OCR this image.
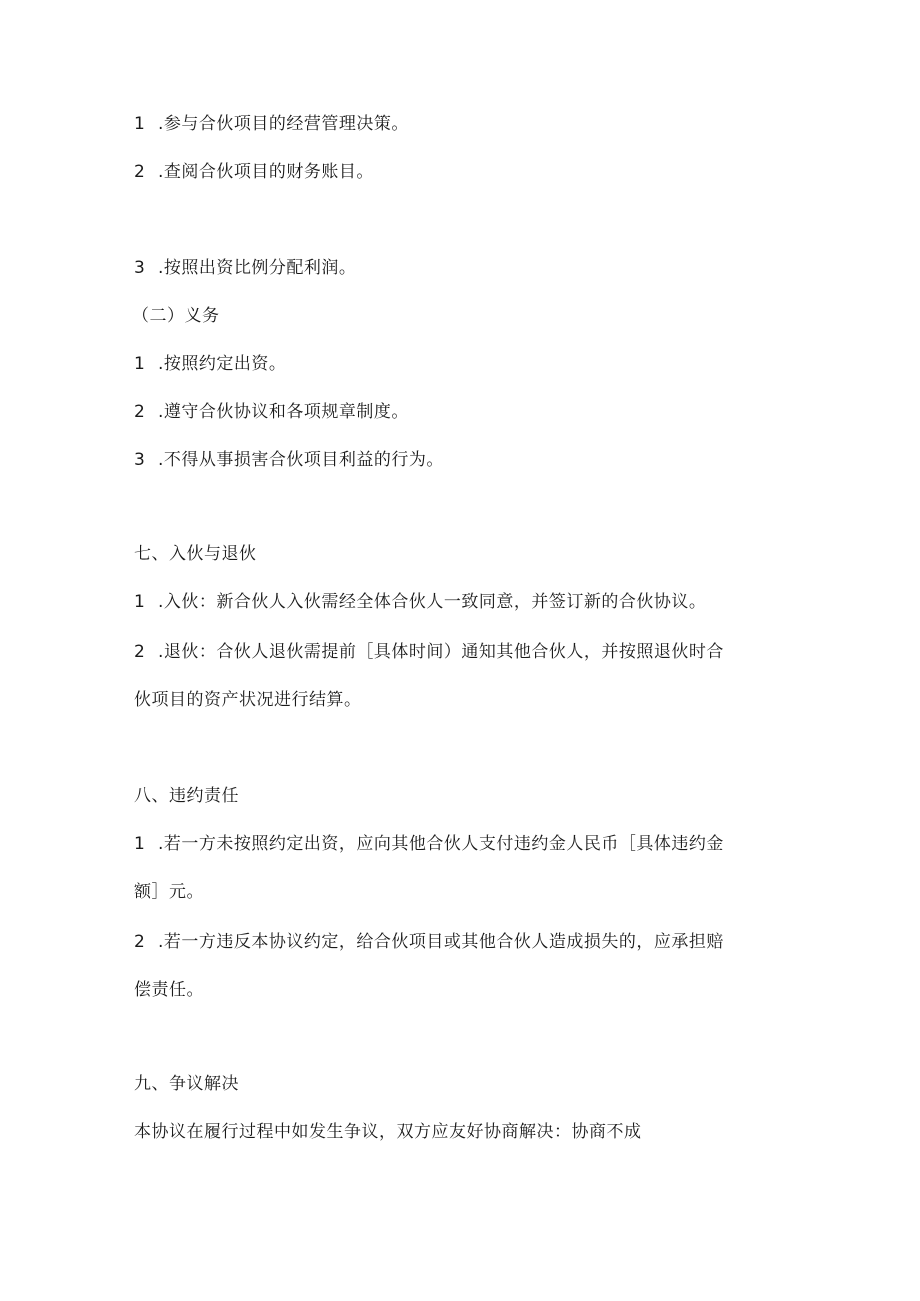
1 .参与合伙项目的经营管理决策。
2 .查阅合伙项目的财务账目。
3 .按照出资比例分配利润。
（二）义务
1 .按照约定出资。
2 .遵守合伙协议和各项规章制度。
3 .不得从事损害合伙项目利益的行为。
七、入伙与退伙
1 .入伙：新合伙人入伙需经全体合伙人一致同意，并签订新的合伙协议。
2 .退伙：合伙人退伙需提前［具体时间）通知其他合伙人，并按照退伙时合
伙项目的资产状况进行结算。
八、违约责任
1 .若一方未按照约定出资，应向其他合伙人支付违约金人民币［具体违约金
额］元。
2 .若一方违反本协议约定，给合伙项目或其他合伙人造成损失的，应承担赔
偿责任。
九、争议解决
本协议在履行过程中如发生争议，双方应友好协商解决：协商不成
